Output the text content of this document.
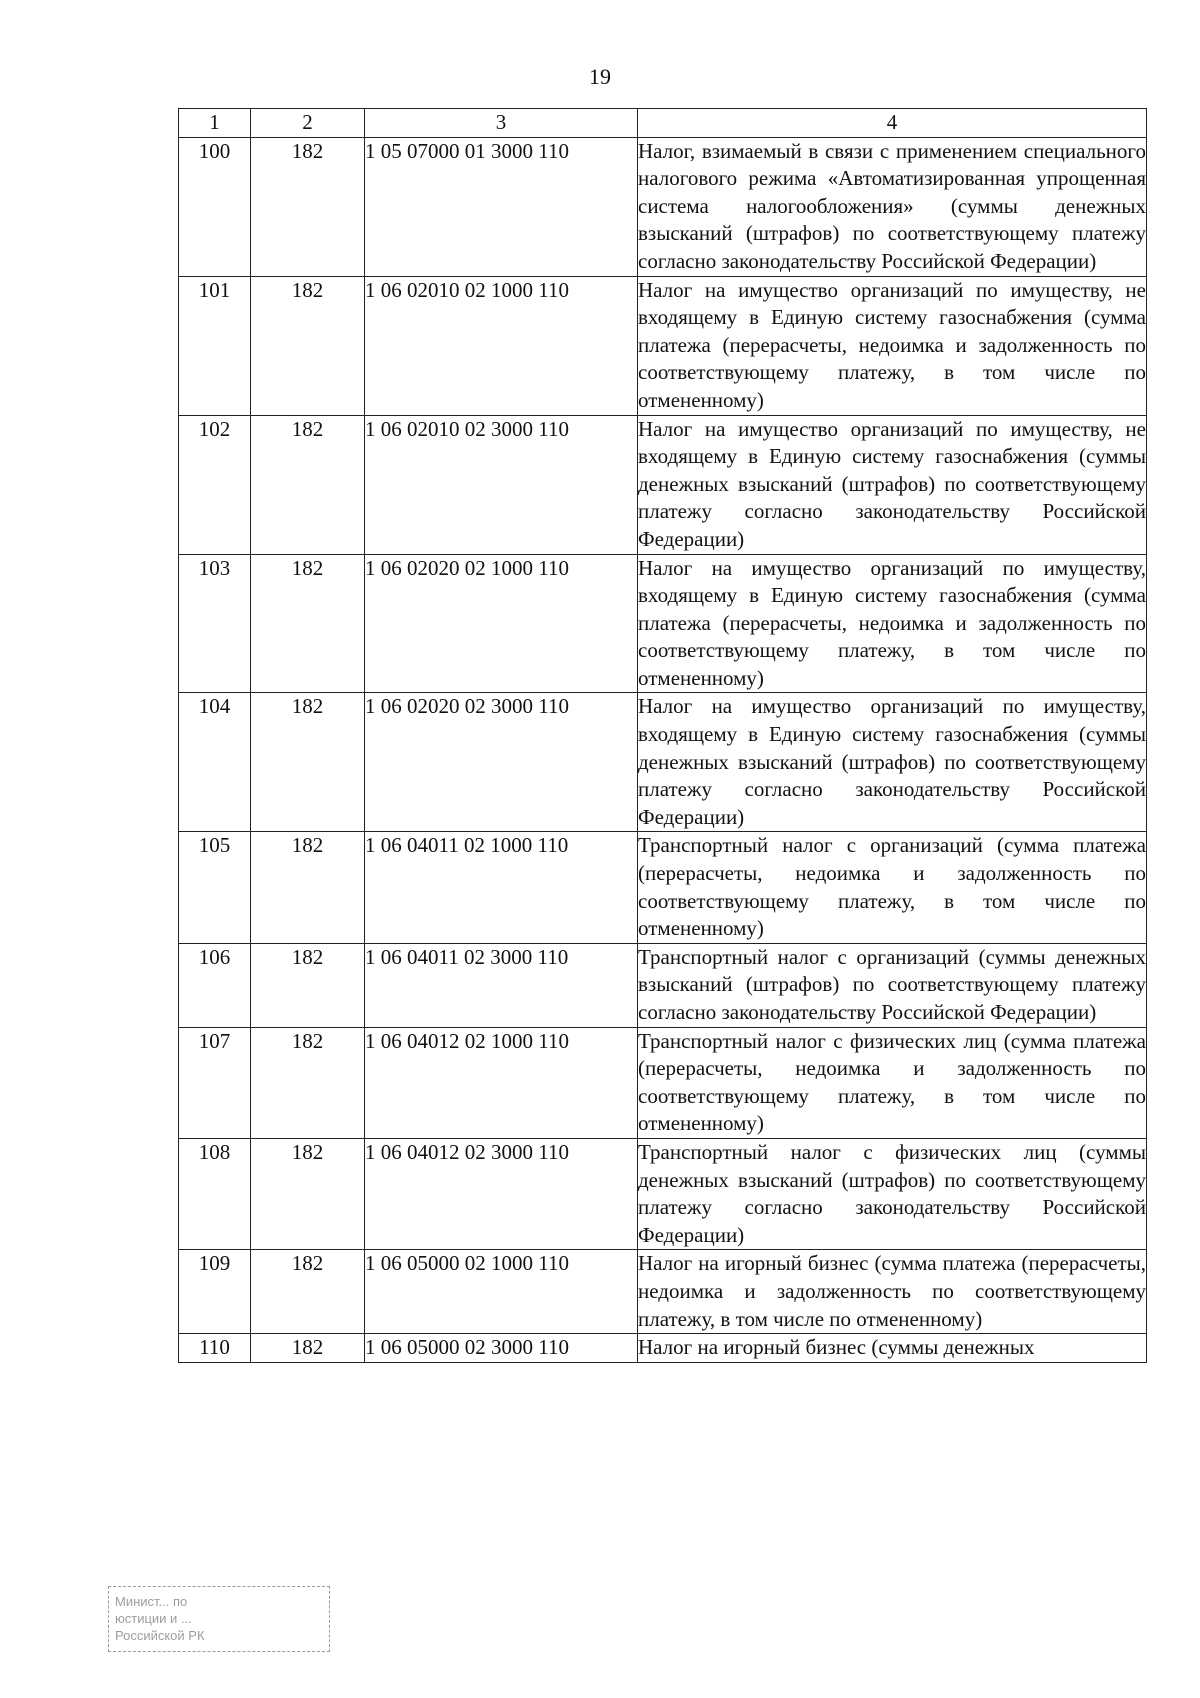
19
1	2	3	4
100	182	1 05 07000 01 3000 110	Налог, взимаемый в связи с применением специального налогового режима «Автоматизированная упрощенная система налогообложения» (суммы денежных взысканий (штрафов) по соответствующему платежу согласно законодательству Российской Федерации)
101	182	1 06 02010 02 1000 110	Налог на имущество организаций по имуществу, не входящему в Единую систему газоснабжения (сумма платежа (перерасчеты, недоимка и задолженность по соответствующему платежу, в том числе по отмененному)
102	182	1 06 02010 02 3000 110	Налог на имущество организаций по имуществу, не входящему в Единую систему газоснабжения (суммы денежных взысканий (штрафов) по соответствующему платежу согласно законодательству Российской Федерации)
103	182	1 06 02020 02 1000 110	Налог на имущество организаций по имуществу, входящему в Единую систему газоснабжения (сумма платежа (перерасчеты, недоимка и задолженность по соответствующему платежу, в том числе по отмененному)
104	182	1 06 02020 02 3000 110	Налог на имущество организаций по имуществу, входящему в Единую систему газоснабжения (суммы денежных взысканий (штрафов) по соответствующему платежу согласно законодательству Российской Федерации)
105	182	1 06 04011 02 1000 110	Транспортный налог с организаций (сумма платежа (перерасчеты, недоимка и задолженность по соответствующему платежу, в том числе по отмененному)
106	182	1 06 04011 02 3000 110	Транспортный налог с организаций (суммы денежных взысканий (штрафов) по соответствующему платежу согласно законодательству Российской Федерации)
107	182	1 06 04012 02 1000 110	Транспортный налог с физических лиц (сумма платежа (перерасчеты, недоимка и задолженность по соответствующему платежу, в том числе по отмененному)
108	182	1 06 04012 02 3000 110	Транспортный налог с физических лиц (суммы денежных взысканий (штрафов) по соответствующему платежу согласно законодательству Российской Федерации)
109	182	1 06 05000 02 1000 110	Налог на игорный бизнес (сумма платежа (перерасчеты, недоимка и задолженность по соответствующему платежу, в том числе по отмененному)
110	182	1 06 05000 02 3000 110	Налог на игорный бизнес (суммы денежных
Минист... по
юстиции и ...
Российской РК
